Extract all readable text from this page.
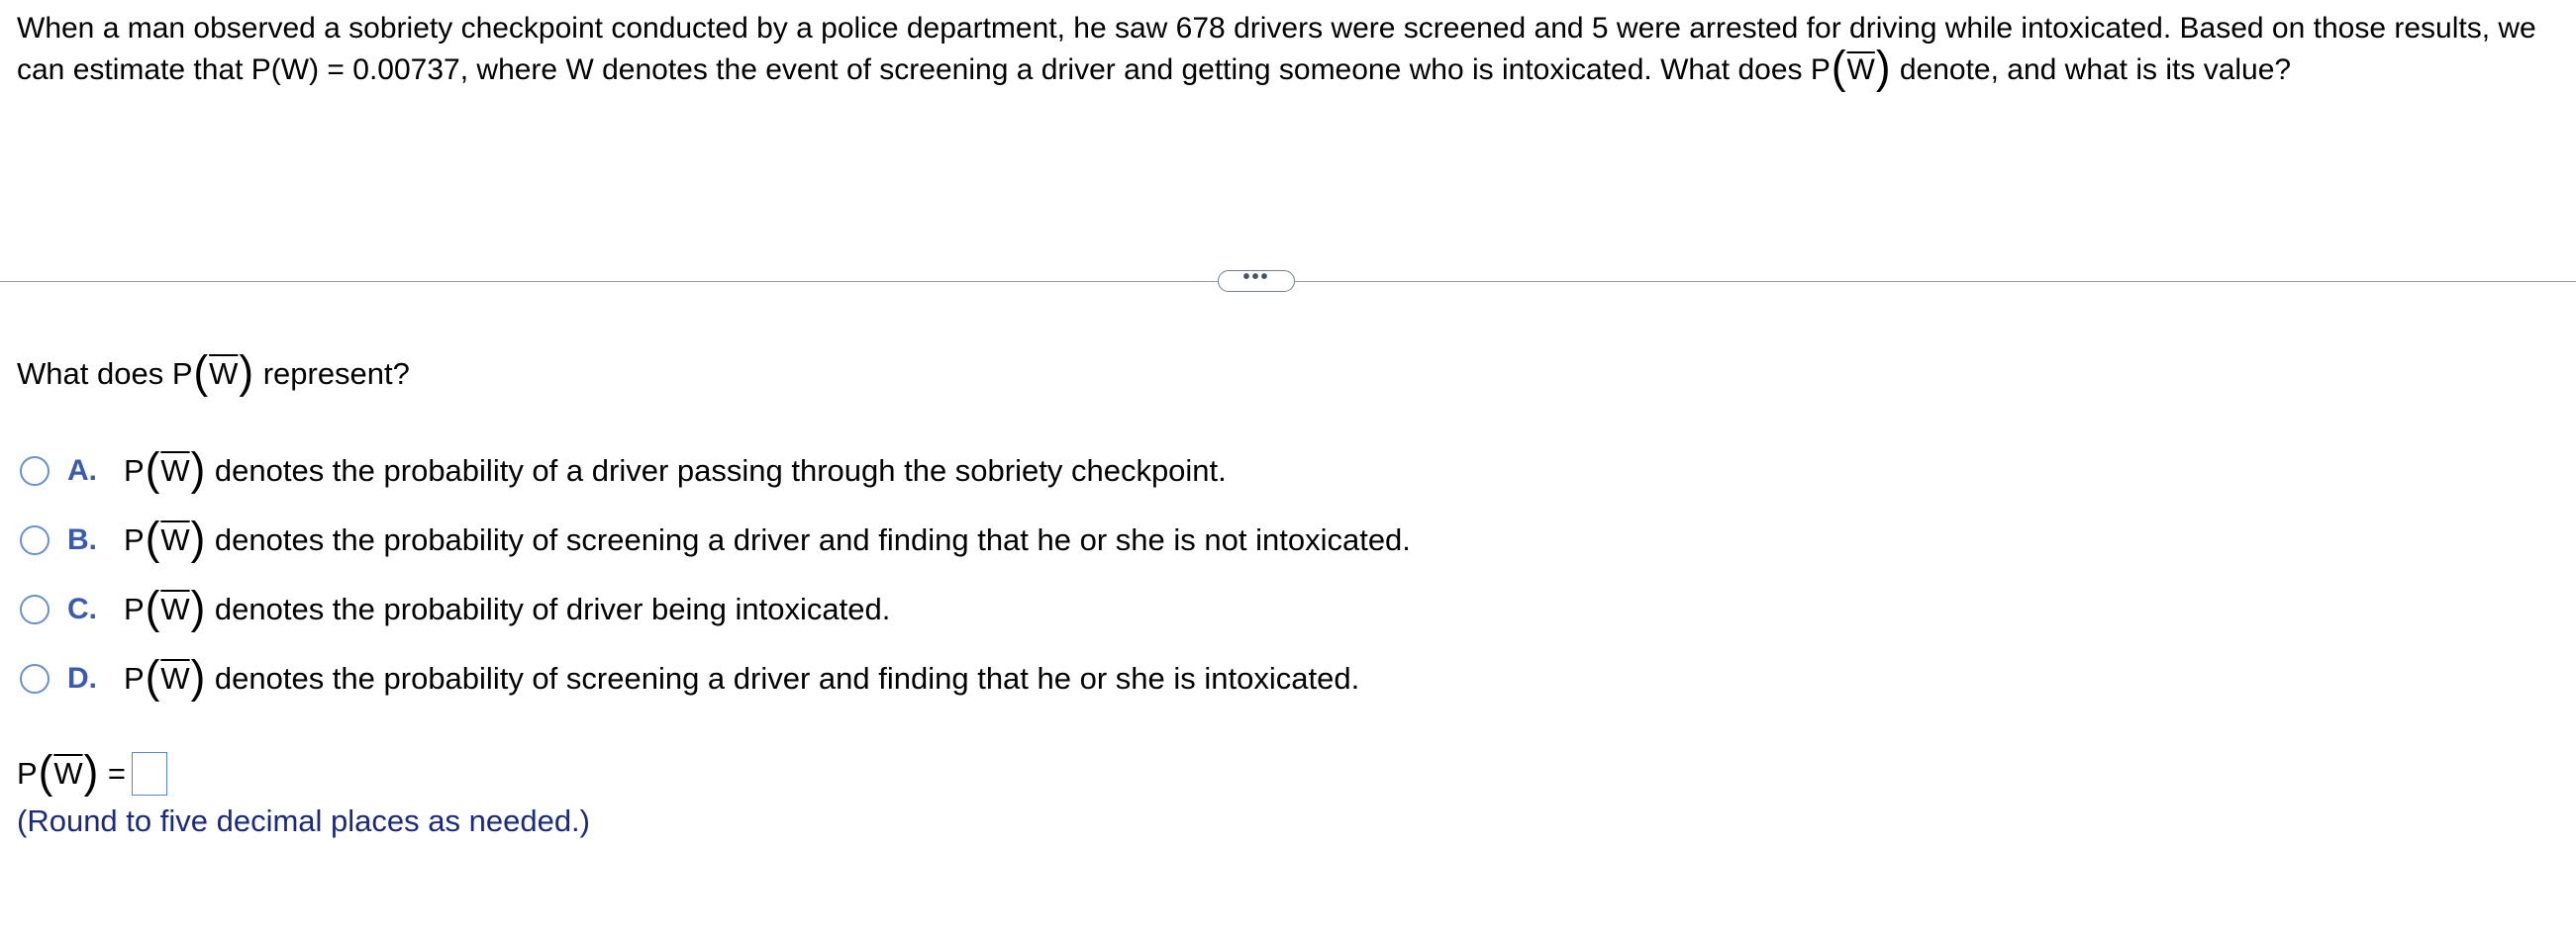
When a man observed a sobriety checkpoint conducted by a police department, he saw 678 drivers were screened and 5 were arrested for driving while intoxicated. Based on those results, we can estimate that P(W) = 0.00737, where W denotes the event of screening a driver and getting someone who is intoxicated. What does $P(\overline{W})$ denote, and what is its value?

•••

What does $P(\overline{W})$ represent?

A. $P(\overline{W})$ denotes the probability of a driver passing through the sobriety checkpoint.
B. $P(\overline{W})$ denotes the probability of screening a driver and finding that he or she is not intoxicated.
C. $P(\overline{W})$ denotes the probability of driver being intoxicated.
D. $P(\overline{W})$ denotes the probability of screening a driver and finding that he or she is intoxicated.
$P(\overline{W})$ =
(Round to five decimal places as needed.)
